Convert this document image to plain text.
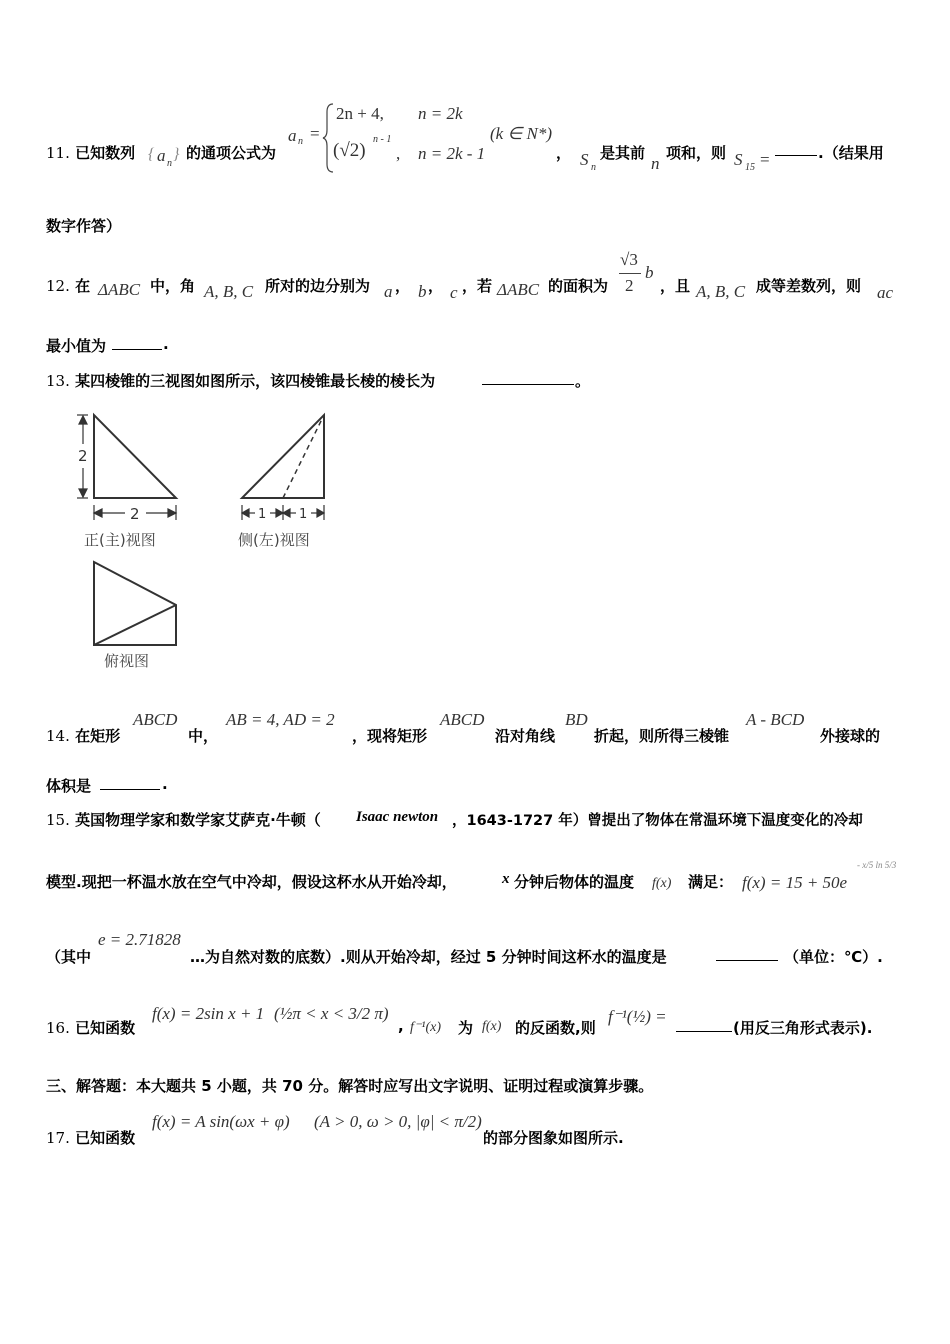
11. 已知数列 { a n
} 的通项公式为
a n =
2n + 4, n = 2k
(√2)
n - 1
, n = 2k - 1
(k ∈ N*)
， S n
是其前
n
项和，则 S 15 =	.（结果用
数字作答）
12. 在 ΔABC 中，角 A, B, C 所对的边分别为 a ， b ， c ，若 ΔABC 的面积为
√3
2
b
，且 A, B, C 成等差数列，则 ac
最小值为	.
13. 某四棱锥的三视图如图所示，该四棱锥最长棱的棱长为	。
2
2
正(主)视图
1	1
侧(左)视图
俯视图
14. 在矩形
ABCD
中，
AB = 4, AD = 2
，现将矩形
ABCD
沿对角线
BD
折起，则所得三棱锥
A - BCD
外接球的
体积是	.
15. 英国物理学家和数学家艾萨克·牛顿（ Isaac newton ，1643-1727 年）曾提出了物体在常温环境下温度变化的冷却
模型.现把一杯温水放在空气中冷却，假设这杯水从开始冷却，	x 分钟后物体的温度 f(x) 满足： f(x) = 15 + 50e
- x/5 ln 5/3
（其中
e = 2.71828
…为自然对数的底数）.则从开始冷却，经过 5 分钟时间这杯水的温度是	（单位：℃）.
16. 已知函数
f(x) = 2sin x + 1 (½π < x < 3/2 π)
, f⁻¹(x) 为 f(x) 的反函数,则
f⁻¹(½) =
(用反三角形式表示).
三、解答题：本大题共 5 小题，共 70 分。解答时应写出文字说明、证明过程或演算步骤。
17. 已知函数
f(x) = A sin(ωx + φ) (A > 0, ω > 0, |φ| < π/2)
的部分图象如图所示.
